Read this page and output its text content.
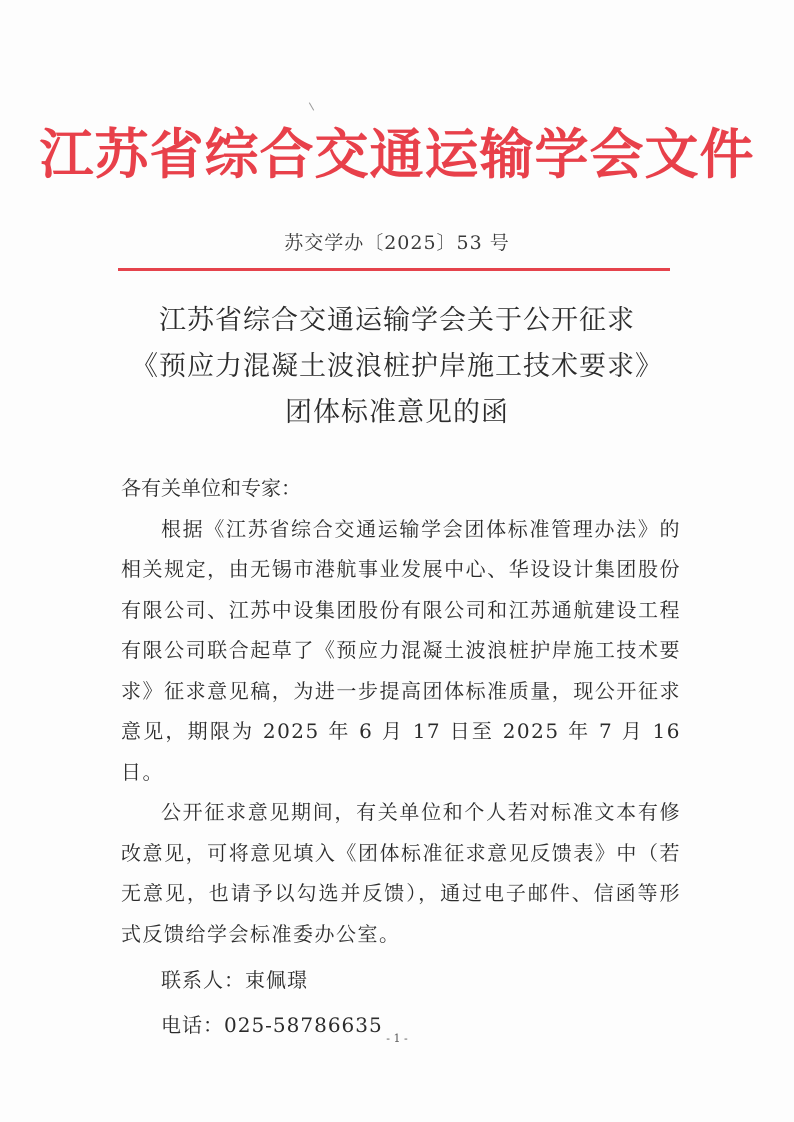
江苏省综合交通运输学会文件
苏交学办〔2025〕53 号
江苏省综合交通运输学会关于公开征求
《预应力混凝土波浪桩护岸施工技术要求》
团体标准意见的函

各有关单位和专家：

根据《江苏省综合交通运输学会团体标准管理办法》的相关规定，由无锡市港航事业发展中心、华设设计集团股份有限公司、江苏中设集团股份有限公司和江苏通航建设工程有限公司联合起草了《预应力混凝土波浪桩护岸施工技术要求》征求意见稿，为进一步提高团体标准质量，现公开征求意见，期限为 2025 年 6 月 17 日至 2025 年 7 月 16 日。

公开征求意见期间，有关单位和个人若对标准文本有修改意见，可将意见填入《团体标准征求意见反馈表》中（若无意见，也请予以勾选并反馈），通过电子邮件、信函等形式反馈给学会标准委办公室。

联系人：束佩璟

电话：025-58786635

- 1 -
